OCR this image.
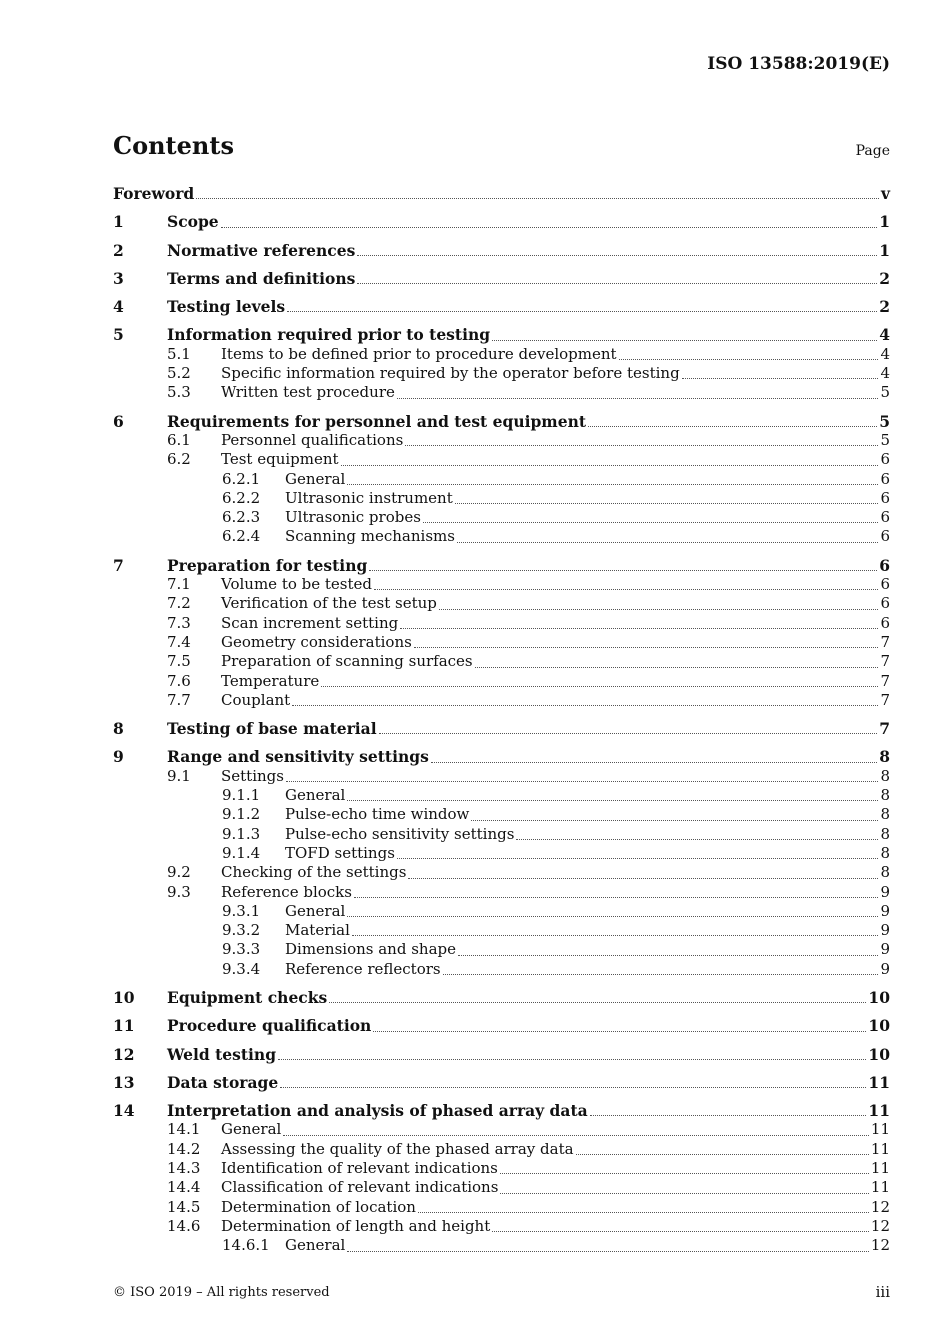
ISO 13588:2019(E)
Contents	Page
Foreword	v
1	Scope	1
2	Normative references	1
3	Terms and definitions	2
4	Testing levels	2
5	Information required prior to testing	4
5.1	Items to be defined prior to procedure development	4
5.2	Specific information required by the operator before testing	4
5.3	Written test procedure	5
6	Requirements for personnel and test equipment	5
6.1	Personnel qualifications	5
6.2	Test equipment	6
6.2.1	General	6
6.2.2	Ultrasonic instrument	6
6.2.3	Ultrasonic probes	6
6.2.4	Scanning mechanisms	6
7	Preparation for testing	6
7.1	Volume to be tested	6
7.2	Verification of the test setup	6
7.3	Scan increment setting	6
7.4	Geometry considerations	7
7.5	Preparation of scanning surfaces	7
7.6	Temperature	7
7.7	Couplant	7
8	Testing of base material	7
9	Range and sensitivity settings	8
9.1	Settings	8
9.1.1	General	8
9.1.2	Pulse-echo time window	8
9.1.3	Pulse-echo sensitivity settings	8
9.1.4	TOFD settings	8
9.2	Checking of the settings	8
9.3	Reference blocks	9
9.3.1	General	9
9.3.2	Material	9
9.3.3	Dimensions and shape	9
9.3.4	Reference reflectors	9
10	Equipment checks	10
11	Procedure qualification	10
12	Weld testing	10
13	Data storage	11
14	Interpretation and analysis of phased array data	11
14.1	General	11
14.2	Assessing the quality of the phased array data	11
14.3	Identification of relevant indications	11
14.4	Classification of relevant indications	11
14.5	Determination of location	12
14.6	Determination of length and height	12
14.6.1	General	12
© ISO 2019 – All rights reserved	iii
